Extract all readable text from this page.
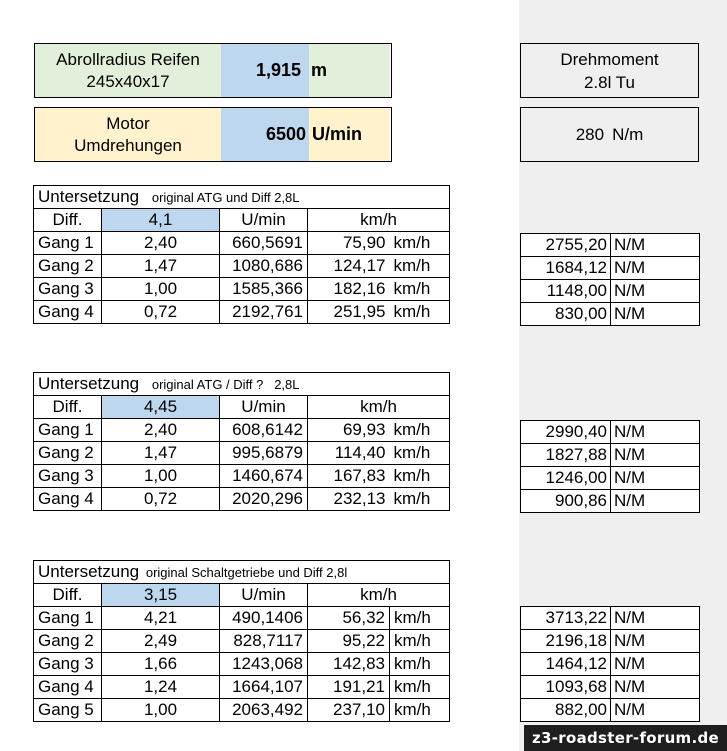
Abrollradius Reifen
245x40x17
1,915 m
Motor
Umdrehungen
6500 U/min
Drehmoment
2.8l Tu
280 N/m
Untersetzung original ATG und Diff 2,8L				
Diff.	4,1	U/min	km/h	
Gang 1	2,40	660,5691	75,90	km/h
Gang 2	1,47	1080,686	124,17	km/h
Gang 3	1,00	1585,366	182,16	km/h
Gang 4	0,72	2192,761	251,95	km/h
2755,20	N/M
1684,12	N/M
1148,00	N/M
830,00	N/M
Untersetzung original ATG / Diff ?   2,8L				
Diff.	4,45	U/min	km/h	
Gang 1	2,40	608,6142	69,93	km/h
Gang 2	1,47	995,6879	114,40	km/h
Gang 3	1,00	1460,674	167,83	km/h
Gang 4	0,72	2020,296	232,13	km/h
2990,40	N/M
1827,88	N/M
1246,00	N/M
900,86	N/M
Untersetzung original Schaltgetriebe und Diff 2,8l				
Diff.	3,15	U/min	km/h	
Gang 1	4,21	490,1406	56,32	km/h
Gang 2	2,49	828,7117	95,22	km/h
Gang 3	1,66	1243,068	142,83	km/h
Gang 4	1,24	1664,107	191,21	km/h
Gang 5	1,00	2063,492	237,10	km/h
3713,22	N/M
2196,18	N/M
1464,12	N/M
1093,68	N/M
882,00	N/M
z3-roadster-forum.de
